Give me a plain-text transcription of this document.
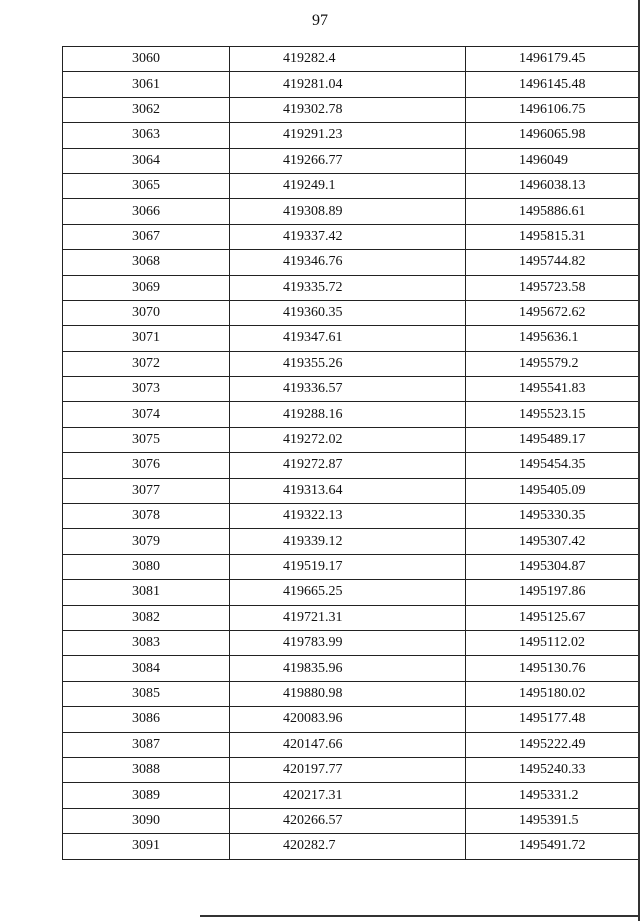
97
3060	419282.4	1496179.45
3061	419281.04	1496145.48
3062	419302.78	1496106.75
3063	419291.23	1496065.98
3064	419266.77	1496049
3065	419249.1	1496038.13
3066	419308.89	1495886.61
3067	419337.42	1495815.31
3068	419346.76	1495744.82
3069	419335.72	1495723.58
3070	419360.35	1495672.62
3071	419347.61	1495636.1
3072	419355.26	1495579.2
3073	419336.57	1495541.83
3074	419288.16	1495523.15
3075	419272.02	1495489.17
3076	419272.87	1495454.35
3077	419313.64	1495405.09
3078	419322.13	1495330.35
3079	419339.12	1495307.42
3080	419519.17	1495304.87
3081	419665.25	1495197.86
3082	419721.31	1495125.67
3083	419783.99	1495112.02
3084	419835.96	1495130.76
3085	419880.98	1495180.02
3086	420083.96	1495177.48
3087	420147.66	1495222.49
3088	420197.77	1495240.33
3089	420217.31	1495331.2
3090	420266.57	1495391.5
3091	420282.7	1495491.72
